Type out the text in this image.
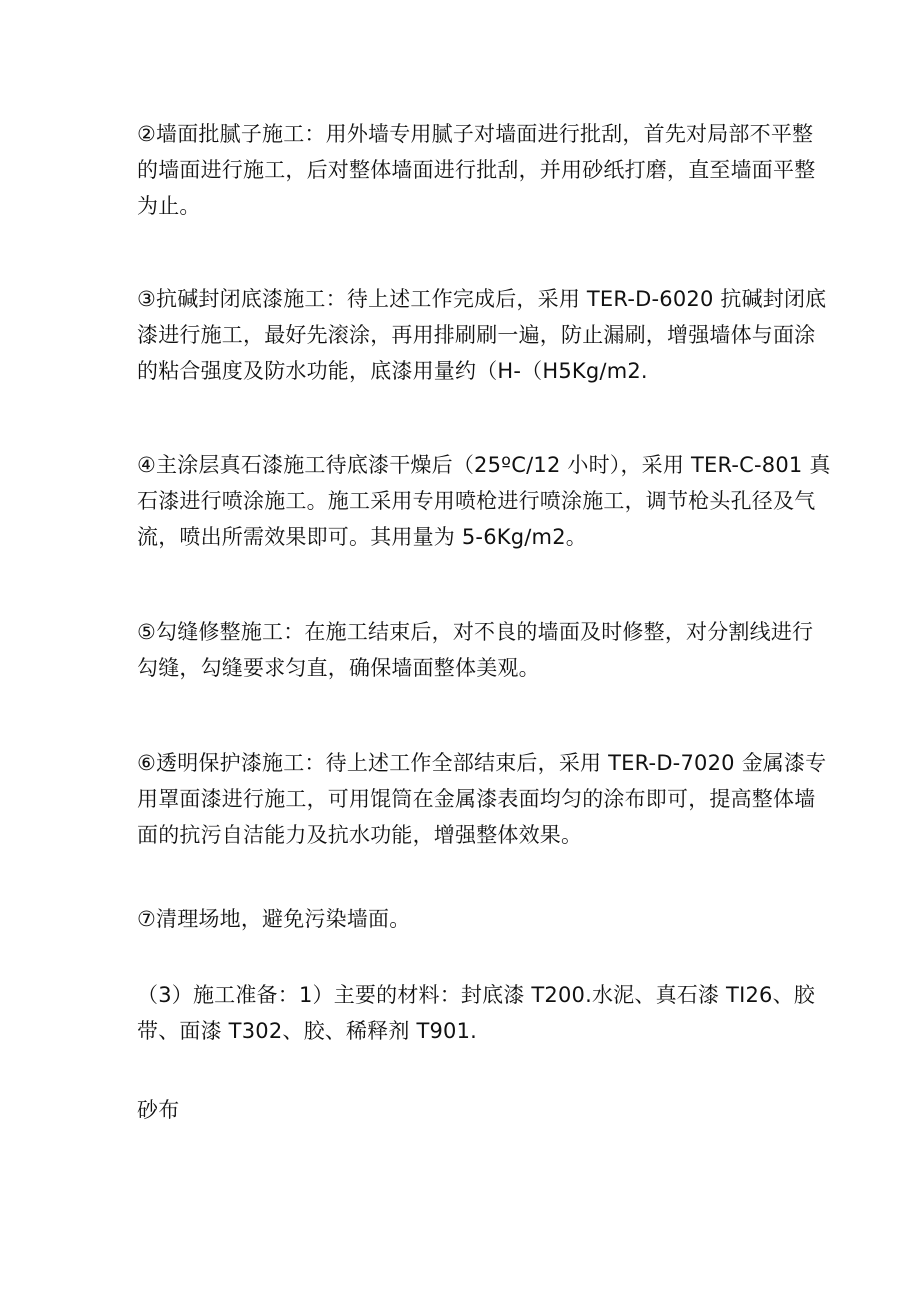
②墙面批腻子施工：用外墙专用腻子对墙面进行批刮，首先对局部不平整
的墙面进行施工，后对整体墙面进行批刮，并用砂纸打磨，直至墙面平整
为止。

③抗碱封闭底漆施工：待上述工作完成后，采用 TER-D-6020 抗碱封闭底
漆进行施工，最好先滚涂，再用排刷刷一遍，防止漏刷，增强墙体与面涂
的粘合强度及防水功能，底漆用量约（H-（H5Kg∕m2.

④主涂层真石漆施工待底漆干燥后（25ºC∕12 小时），采用 TER-C-801 真
石漆进行喷涂施工。施工采用专用喷枪进行喷涂施工，调节枪头孔径及气
流，喷出所需效果即可。其用量为 5-6Kg∕m2。

⑤勾缝修整施工：在施工结束后，对不良的墙面及时修整，对分割线进行
勾缝，勾缝要求匀直，确保墙面整体美观。

⑥透明保护漆施工：待上述工作全部结束后，采用 TER-D-7020 金属漆专
用罩面漆进行施工，可用馄筒在金属漆表面均匀的涂布即可，提高整体墙
面的抗污自洁能力及抗水功能，增强整体效果。

⑦清理场地，避免污染墙面。

（3）施工准备：1）主要的材料：封底漆 T200.水泥、真石漆 TI26、胶
带、面漆 T302、胶、稀释剂 T901.

砂布
